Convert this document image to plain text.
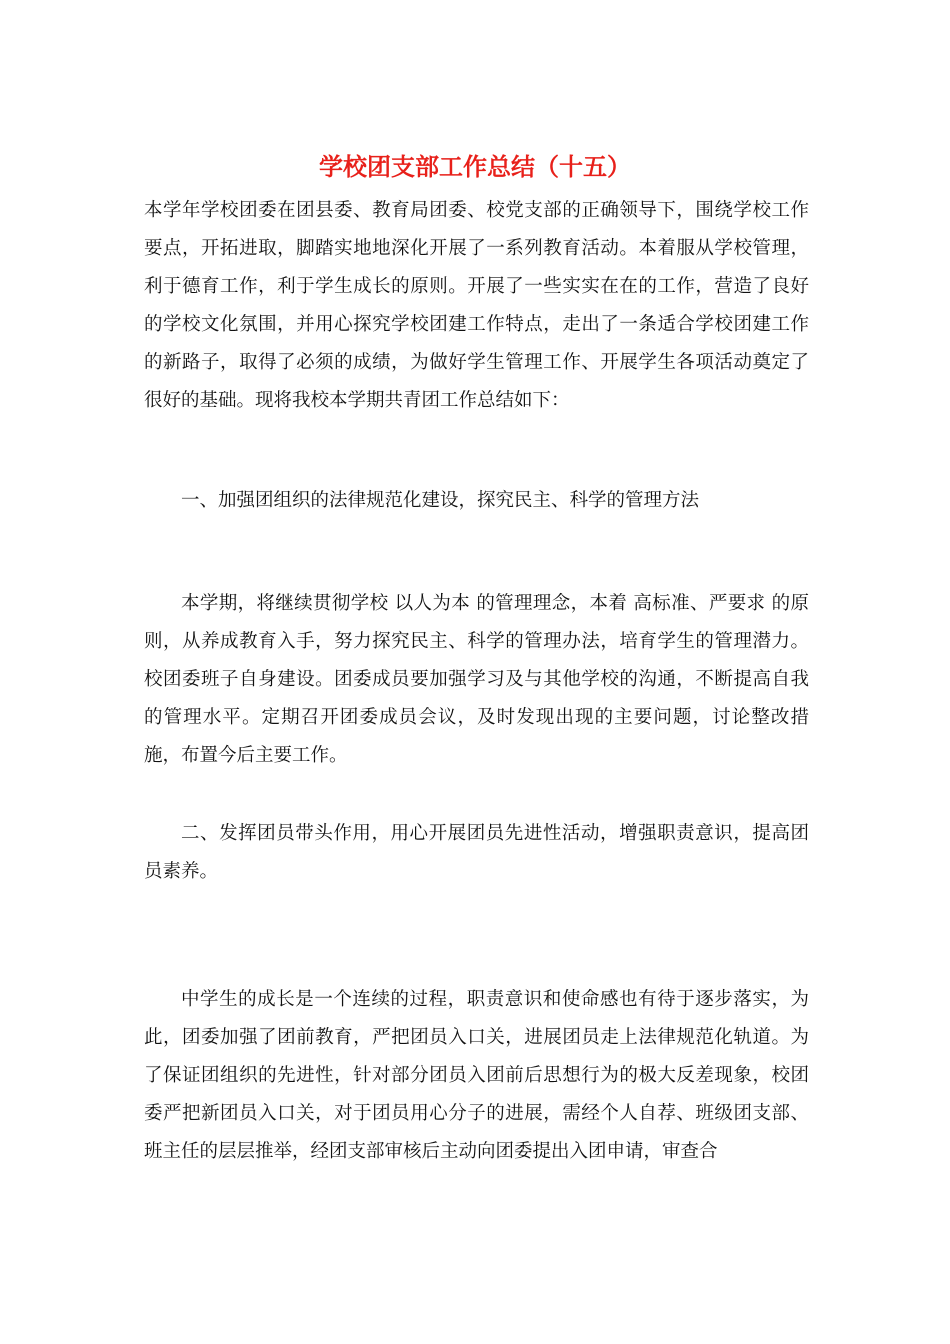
学校团支部工作总结（十五）

本学年学校团委在团县委、教育局团委、校党支部的正确领导下，围绕学校工作要点，开拓进取，脚踏实地地深化开展了一系列教育活动。本着服从学校管理，利于德育工作，利于学生成长的原则。开展了一些实实在在的工作，营造了良好的学校文化氛围，并用心探究学校团建工作特点，走出了一条适合学校团建工作的新路子，取得了必须的成绩，为做好学生管理工作、开展学生各项活动奠定了很好的基础。现将我校本学期共青团工作总结如下：

一、加强团组织的法律规范化建设，探究民主、科学的管理方法

本学期，将继续贯彻学校 以人为本 的管理理念，本着 高标准、严要求 的原则，从养成教育入手，努力探究民主、科学的管理办法，培育学生的管理潜力。校团委班子自身建设。团委成员要加强学习及与其他学校的沟通，不断提高自我的管理水平。定期召开团委成员会议，及时发现出现的主要问题，讨论整改措施，布置今后主要工作。

二、发挥团员带头作用，用心开展团员先进性活动，增强职责意识，提高团员素养。

中学生的成长是一个连续的过程，职责意识和使命感也有待于逐步落实，为此，团委加强了团前教育，严把团员入口关，进展团员走上法律规范化轨道。为了保证团组织的先进性，针对部分团员入团前后思想行为的极大反差现象，校团委严把新团员入口关，对于团员用心分子的进展，需经个人自荐、班级团支部、班主任的层层推举，经团支部审核后主动向团委提出入团申请，审查合
